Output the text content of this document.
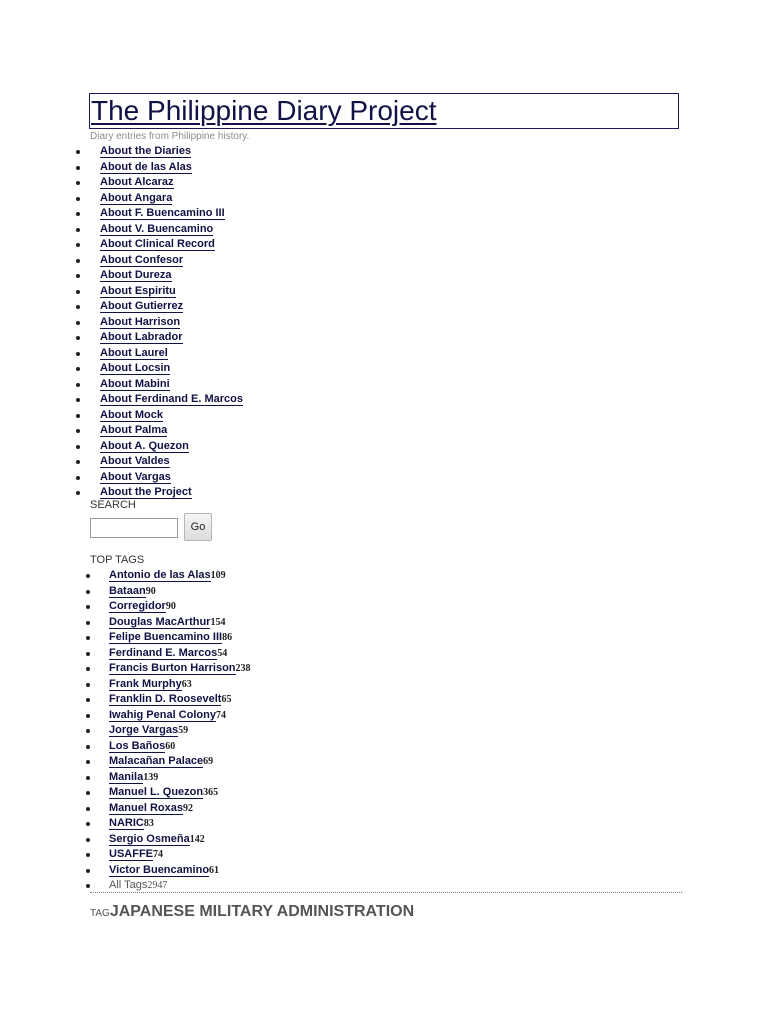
The Philippine Diary Project
Diary entries from Philippine history.
About the Diaries
About de las Alas
About Alcaraz
About Angara
About F. Buencamino III
About V. Buencamino
About Clinical Record
About Confesor
About Dureza
About Espiritu
About Gutierrez
About Harrison
About Labrador
About Laurel
About Locsin
About Mabini
About Ferdinand E. Marcos
About Mock
About Palma
About A. Quezon
About Valdes
About Vargas
About the Project
SEARCH
Go
TOP TAGS
Antonio de las Alas109
Bataan90
Corregidor90
Douglas MacArthur154
Felipe Buencamino III86
Ferdinand E. Marcos54
Francis Burton Harrison238
Frank Murphy63
Franklin D. Roosevelt65
Iwahig Penal Colony74
Jorge Vargas59
Los Baños60
Malacañan Palace69
Manila139
Manuel L. Quezon365
Manuel Roxas92
NARIC83
Sergio Osmeña142
USAFFE74
Victor Buencamino61
All Tags2947
TAGJAPANESE MILITARY ADMINISTRATION
